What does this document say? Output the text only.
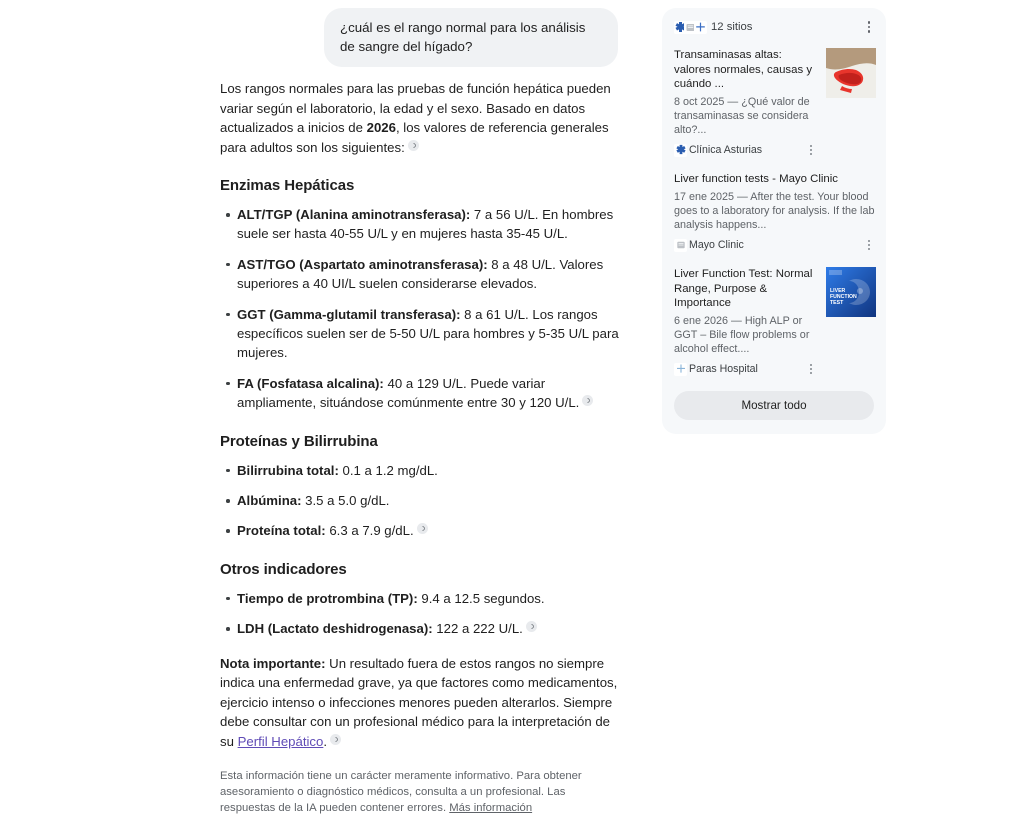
¿cuál es el rango normal para los análisis de sangre del hígado?

Los rangos normales para las pruebas de función hepática pueden variar según el laboratorio, la edad y el sexo. Basado en datos actualizados a inicios de 2026, los valores de referencia generales para adultos son los siguientes:

Enzimas Hepáticas
ALT/TGP (Alanina aminotransferasa): 7 a 56 U/L. En hombres suele ser hasta 40-55 U/L y en mujeres hasta 35-45 U/L.
AST/TGO (Aspartato aminotransferasa): 8 a 48 U/L. Valores superiores a 40 UI/L suelen considerarse elevados.
GGT (Gamma-glutamil transferasa): 8 a 61 U/L. Los rangos específicos suelen ser de 5-50 U/L para hombres y 5-35 U/L para mujeres.
FA (Fosfatasa alcalina): 40 a 129 U/L. Puede variar ampliamente, situándose comúnmente entre 30 y 120 U/L.
Proteínas y Bilirrubina
Bilirrubina total: 0.1 a 1.2 mg/dL.
Albúmina: 3.5 a 5.0 g/dL.
Proteína total: 6.3 a 7.9 g/dL.
Otros indicadores
Tiempo de protrombina (TP): 9.4 a 12.5 segundos.
LDH (Lactato deshidrogenasa): 122 a 222 U/L.

Nota importante: Un resultado fuera de estos rangos no siempre indica una enfermedad grave, ya que factores como medicamentos, ejercicio intenso o infecciones menores pueden alterarlos. Siempre debe consultar con un profesional médico para la interpretación de su Perfil Hepático.

Esta información tiene un carácter meramente informativo. Para obtener asesoramiento o diagnóstico médicos, consulta a un profesional. Las respuestas de la IA pueden contener errores. Más información

12 sitios

Transaminasas altas: valores normales, causas y cuándo ...

8 oct 2025 — ¿Qué valor de transaminasas se considera alto?...

Clínica Asturias

Liver function tests - Mayo Clinic

17 ene 2025 — After the test. Your blood goes to a laboratory for analysis. If the lab analysis happens...

Mayo Clinic

Liver Function Test: Normal Range, Purpose & Importance

6 ene 2026 — High ALP or GGT – Bile flow problems or alcohol effect....

Paras Hospital
LIVER
FUNCTION
TEST
Mostrar todo
